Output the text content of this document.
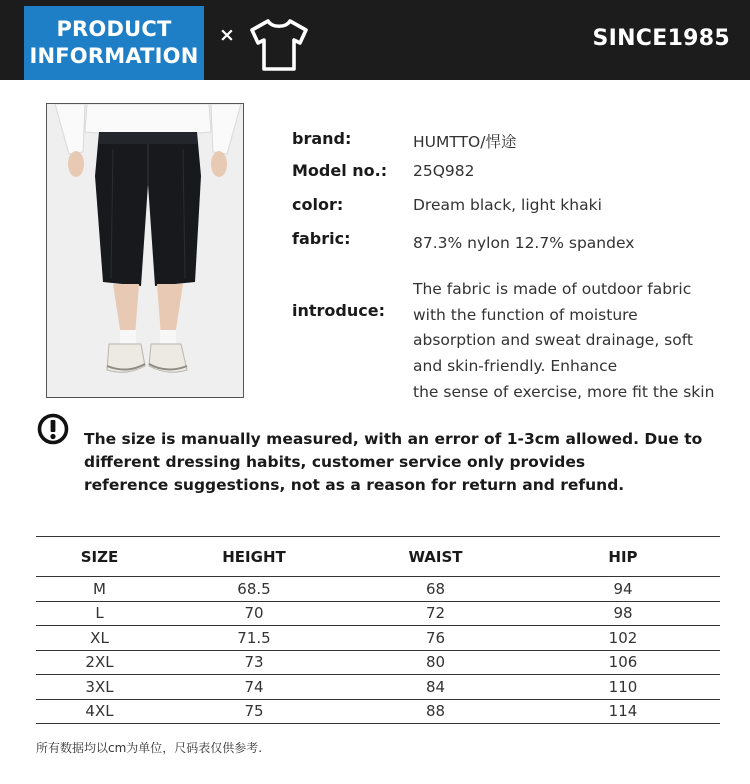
PRODUCT
INFORMATION
×	SINCE1985
brand:	HUMTTO/悍途
Model no.: 25Q982
color:	Dream black, light khaki
fabric:	87.3% nylon 12.7% spandex
introduce:
The fabric is made of outdoor fabric
with the function of moisture
absorption and sweat drainage, soft
and skin-friendly. Enhance
the sense of exercise, more fit the skin
The size is manually measured, with an error of 1-3cm allowed. Due to
different dressing habits, customer service only provides
reference suggestions, not as a reason for return and refund.
SIZE	HEIGHT	WAIST	HIP
M	68.5	68	94
L	70	72	98
XL	71.5	76	102
2XL	73	80	106
3XL	74	84	110
4XL	75	88	114
所有数据均以cm为单位，尺码表仅供参考.
